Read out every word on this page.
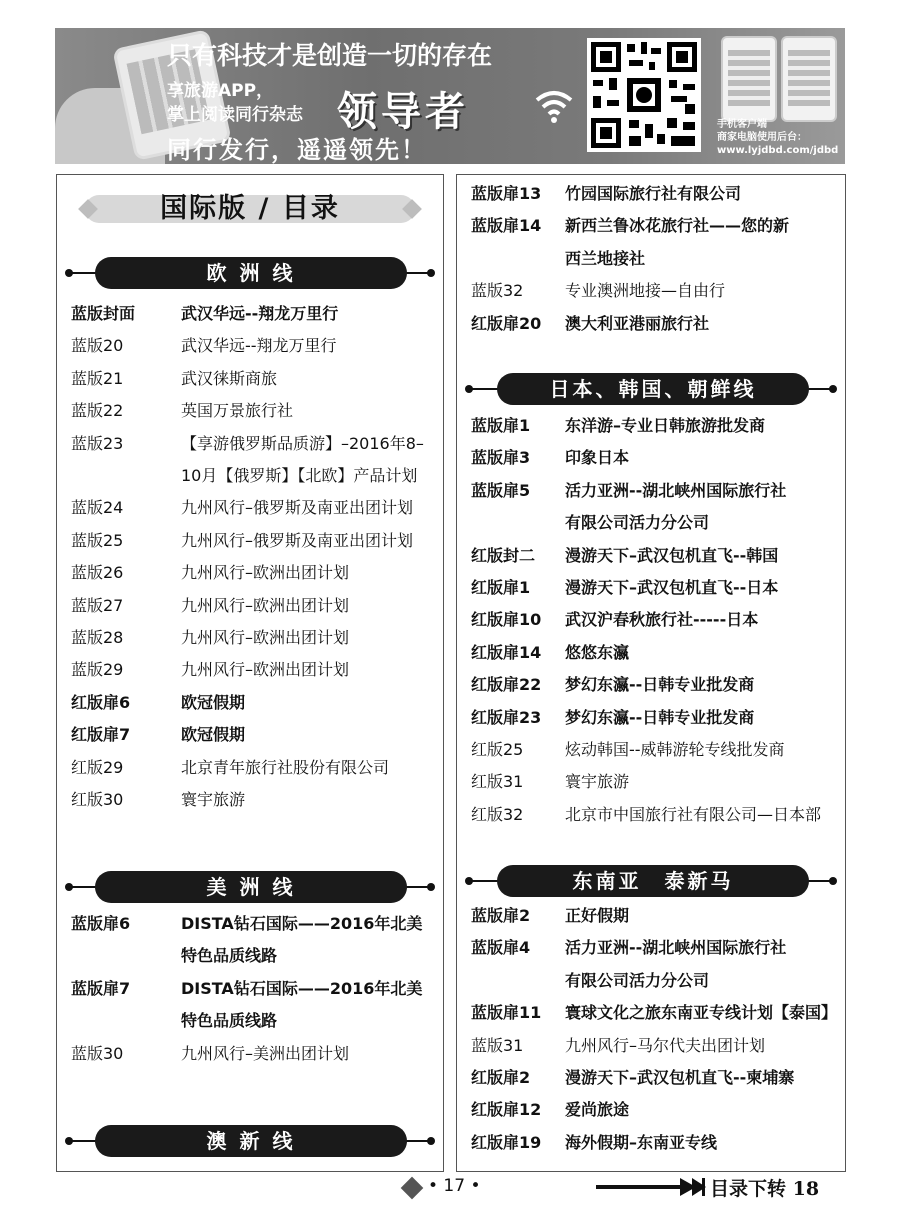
只有科技才是创造一切的存在
享旅游APP，
掌上阅读同行杂志 领导者
同行发行，遥遥领先！
手机客户端
商家电脑使用后台：
www.lyjdbd.com/jdbd
国际版 / 目录
欧 洲 线
蓝版封面	武汉华远--翔龙万里行
蓝版20	武汉华远--翔龙万里行
蓝版21	武汉徕斯商旅
蓝版22	英国万景旅行社
蓝版23	【享游俄罗斯品质游】–2016年8–
10月【俄罗斯】【北欧】产品计划
蓝版24	九州风行–俄罗斯及南亚出团计划
蓝版25	九州风行–俄罗斯及南亚出团计划
蓝版26	九州风行–欧洲出团计划
蓝版27	九州风行–欧洲出团计划
蓝版28	九州风行–欧洲出团计划
蓝版29	九州风行–欧洲出团计划
红版扉6	欧冠假期
红版扉7	欧冠假期
红版29	北京青年旅行社股份有限公司
红版30	寰宇旅游
美 洲 线
蓝版扉6	DISTA钻石国际——2016年北美
特色品质线路
蓝版扉7	DISTA钻石国际——2016年北美
特色品质线路
蓝版30	九州风行–美洲出团计划
澳 新 线
蓝版扉13 竹园国际旅行社有限公司
蓝版扉14 新西兰鲁冰花旅行社——您的新
西兰地接社
蓝版32	专业澳洲地接—自由行
红版扉20 澳大利亚港丽旅行社
日本、韩国、朝鲜线
蓝版扉1 东洋游–专业日韩旅游批发商
蓝版扉3 印象日本
蓝版扉5 活力亚洲--湖北峡州国际旅行社
有限公司活力分公司
红版封二 漫游天下–武汉包机直飞--韩国
红版扉1 漫游天下–武汉包机直飞--日本
红版扉10 武汉沪春秋旅行社-----日本
红版扉14 悠悠东瀛
红版扉22 梦幻东瀛--日韩专业批发商
红版扉23 梦幻东瀛--日韩专业批发商
红版25	炫动韩国--威韩游轮专线批发商
红版31	寰宇旅游
红版32	北京市中国旅行社有限公司—日本部
东南亚　泰新马
蓝版扉2 正好假期
蓝版扉4 活力亚洲--湖北峡州国际旅行社
有限公司活力分公司
蓝版扉11 寰球文化之旅东南亚专线计划【泰国】
蓝版31	九州风行–马尔代夫出团计划
红版扉2 漫游天下–武汉包机直飞--柬埔寨
红版扉12 爱尚旅途
红版扉19 海外假期–东南亚专线
• 17 •	目录下转 18
